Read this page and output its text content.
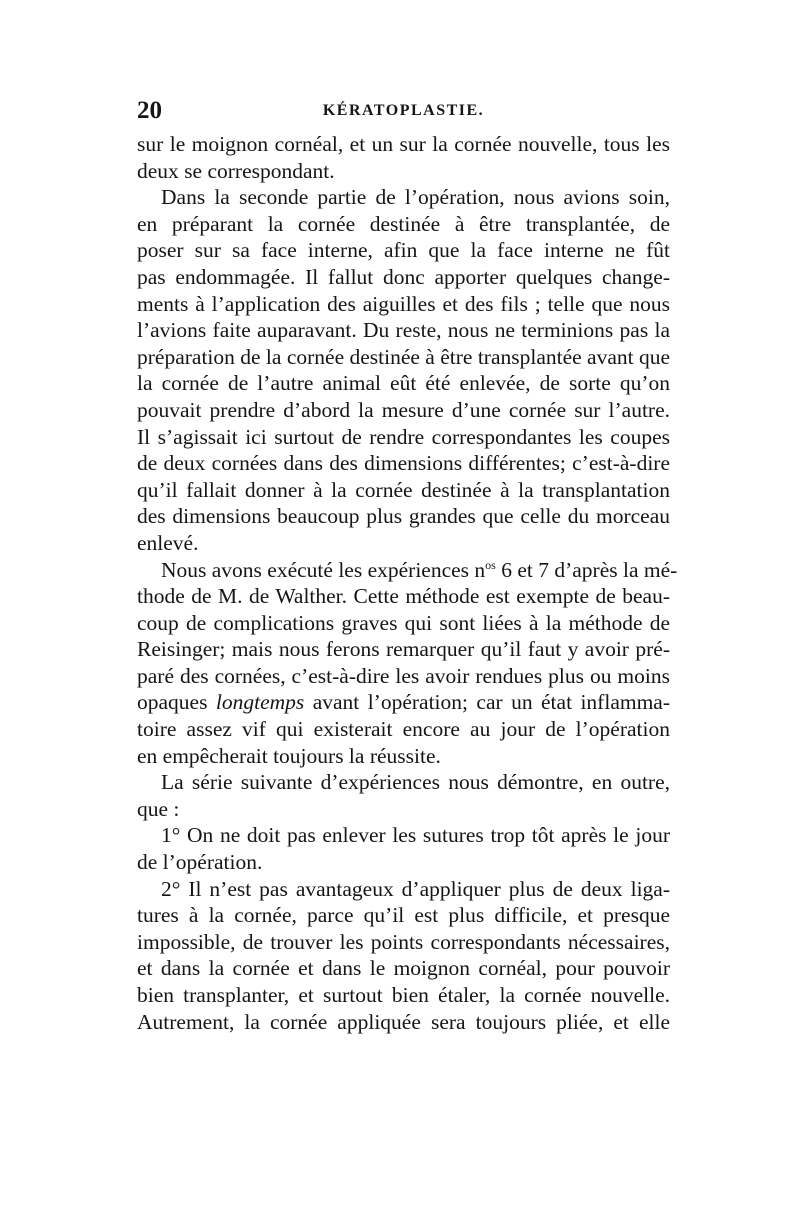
20	KÉRATOPLASTIE.
sur le moignon cornéal, et un sur la cornée nouvelle, tous les
deux se correspondant.
Dans la seconde partie de l’opération, nous avions soin,
en préparant la cornée destinée à être transplantée, de
poser sur sa face interne, afin que la face interne ne fût
pas endommagée. Il fallut donc apporter quelques change-
ments à l’application des aiguilles et des fils ; telle que nous
l’avions faite auparavant. Du reste, nous ne terminions pas la
préparation de la cornée destinée à être transplantée avant que
la cornée de l’autre animal eût été enlevée, de sorte qu’on
pouvait prendre d’abord la mesure d’une cornée sur l’autre.
Il s’agissait ici surtout de rendre correspondantes les coupes
de deux cornées dans des dimensions différentes; c’est-à-dire
qu’il fallait donner à la cornée destinée à la transplantation
des dimensions beaucoup plus grandes que celle du morceau
enlevé.
Nous avons exécuté les expériences $n^{os}$ 6 et 7 d’après la mé-
thode de M. de Walther. Cette méthode est exempte de beau-
coup de complications graves qui sont liées à la méthode de
Reisinger; mais nous ferons remarquer qu’il faut y avoir pré-
paré des cornées, c’est-à-dire les avoir rendues plus ou moins
opaques longtemps avant l’opération; car un état inflamma-
toire assez vif qui existerait encore au jour de l’opération
en empêcherait toujours la réussite.
La série suivante d’expériences nous démontre, en outre,
que :
1° On ne doit pas enlever les sutures trop tôt après le jour
de l’opération.
2° Il n’est pas avantageux d’appliquer plus de deux liga-
tures à la cornée, parce qu’il est plus difficile, et presque
impossible, de trouver les points correspondants nécessaires,
et dans la cornée et dans le moignon cornéal, pour pouvoir
bien transplanter, et surtout bien étaler, la cornée nouvelle.
Autrement, la cornée appliquée sera toujours pliée, et elle
